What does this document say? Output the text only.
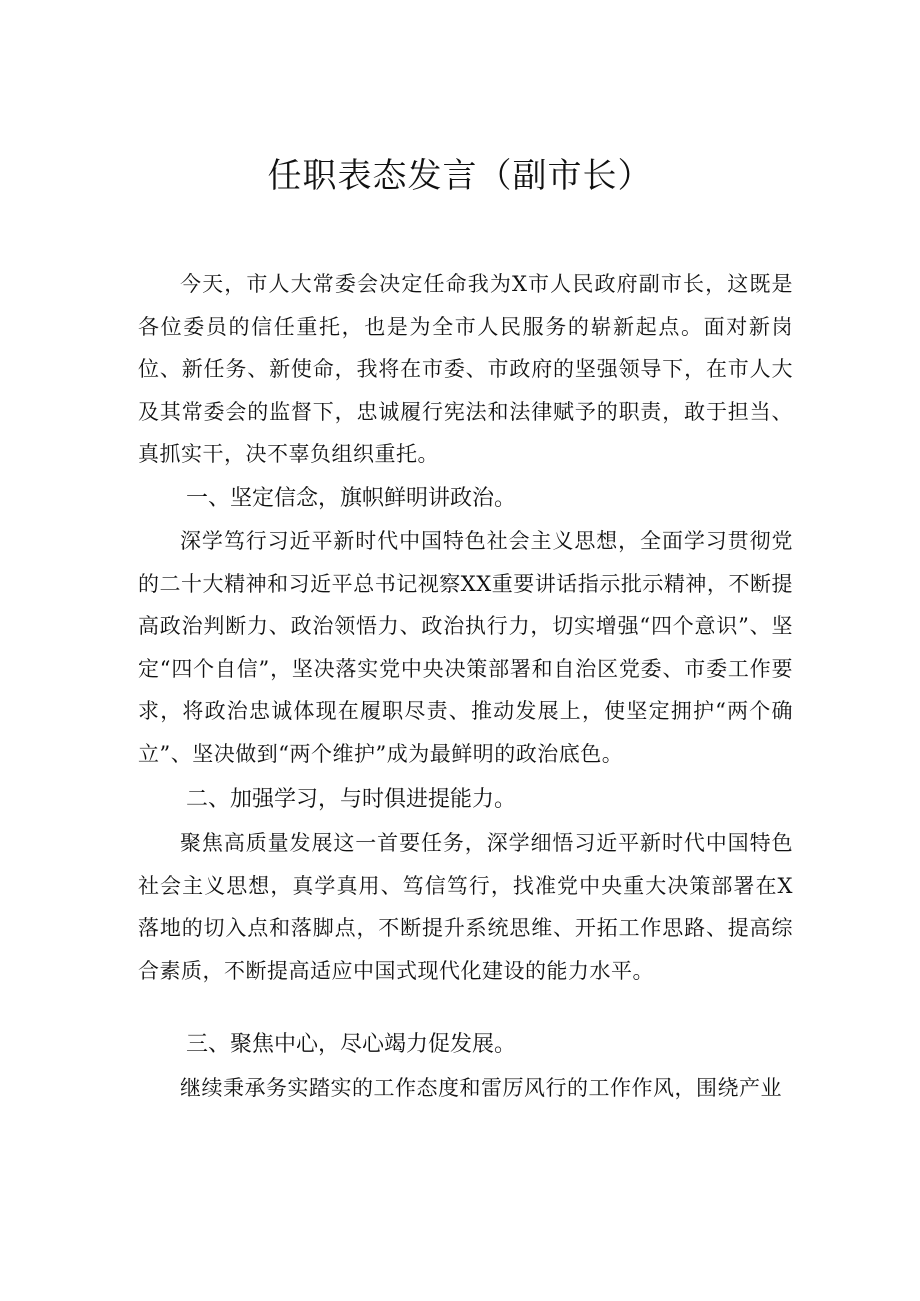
任职表态发言（副市长）

今天，市人大常委会决定任命我为X市人民政府副市长，这既是各位委员的信任重托，也是为全市人民服务的崭新起点。面对新岗位、新任务、新使命，我将在市委、市政府的坚强领导下，在市人大及其常委会的监督下，忠诚履行宪法和法律赋予的职责，敢于担当、真抓实干，决不辜负组织重托。

一、坚定信念，旗帜鲜明讲政治。

深学笃行习近平新时代中国特色社会主义思想，全面学习贯彻党的二十大精神和习近平总书记视察XX重要讲话指示批示精神，不断提高政治判断力、政治领悟力、政治执行力，切实增强“四个意识”、坚定“四个自信”，坚决落实党中央决策部署和自治区党委、市委工作要求，将政治忠诚体现在履职尽责、推动发展上，使坚定拥护“两个确立”、坚决做到“两个维护”成为最鲜明的政治底色。

二、加强学习，与时俱进提能力。

聚焦高质量发展这一首要任务，深学细悟习近平新时代中国特色社会主义思想，真学真用、笃信笃行，找准党中央重大决策部署在X落地的切入点和落脚点，不断提升系统思维、开拓工作思路、提高综合素质，不断提高适应中国式现代化建设的能力水平。

三、聚焦中心，尽心竭力促发展。

继续秉承务实踏实的工作态度和雷厉风行的工作作风，围绕产业
